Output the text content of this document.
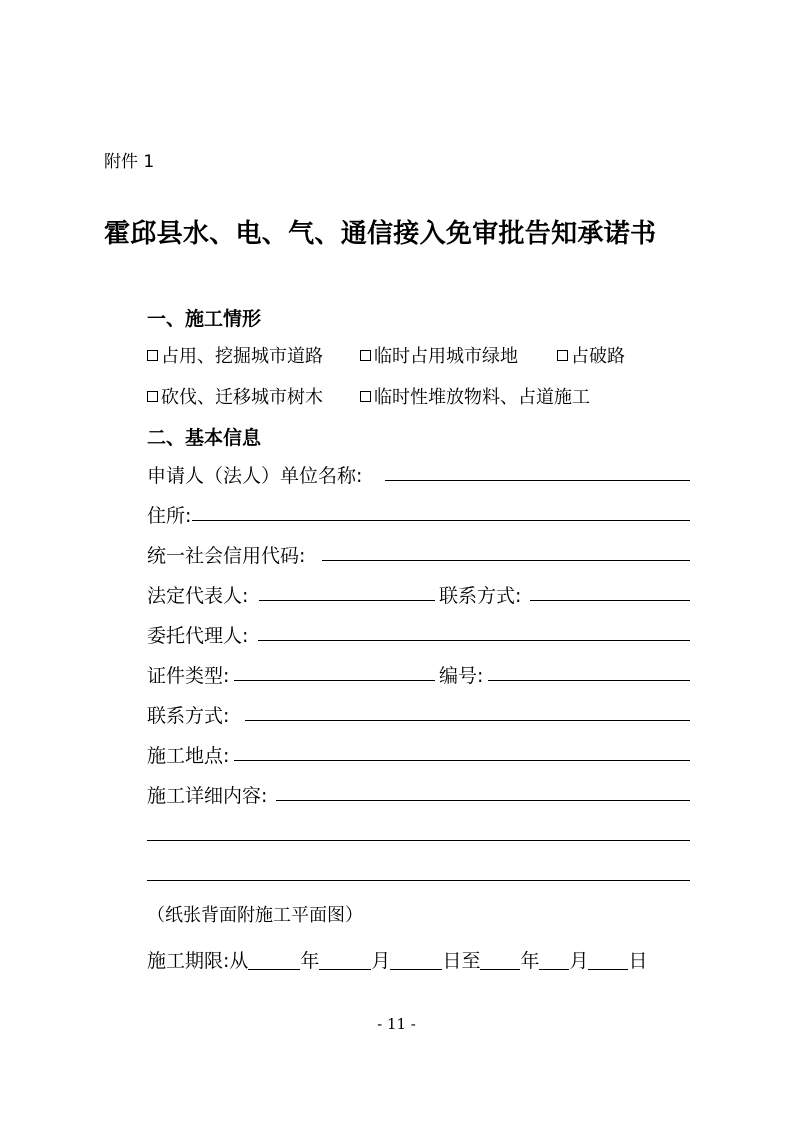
附件 1
霍邱县水、电、气、通信接入免审批告知承诺书
一、施工情形
占用、挖掘城市道路	临时占用城市绿地	占破路
砍伐、迁移城市树木	临时性堆放物料、占道施工
二、基本信息
申请人（法人）单位名称:
住所:
统一社会信用代码:
法定代表人:	联系方式:
委托代理人:
证件类型:	编号:
联系方式:
施工地点:
施工详细内容:
（纸张背面附施工平面图）
施工期限:从	年	月	日至 年 月 日
- 11 -
